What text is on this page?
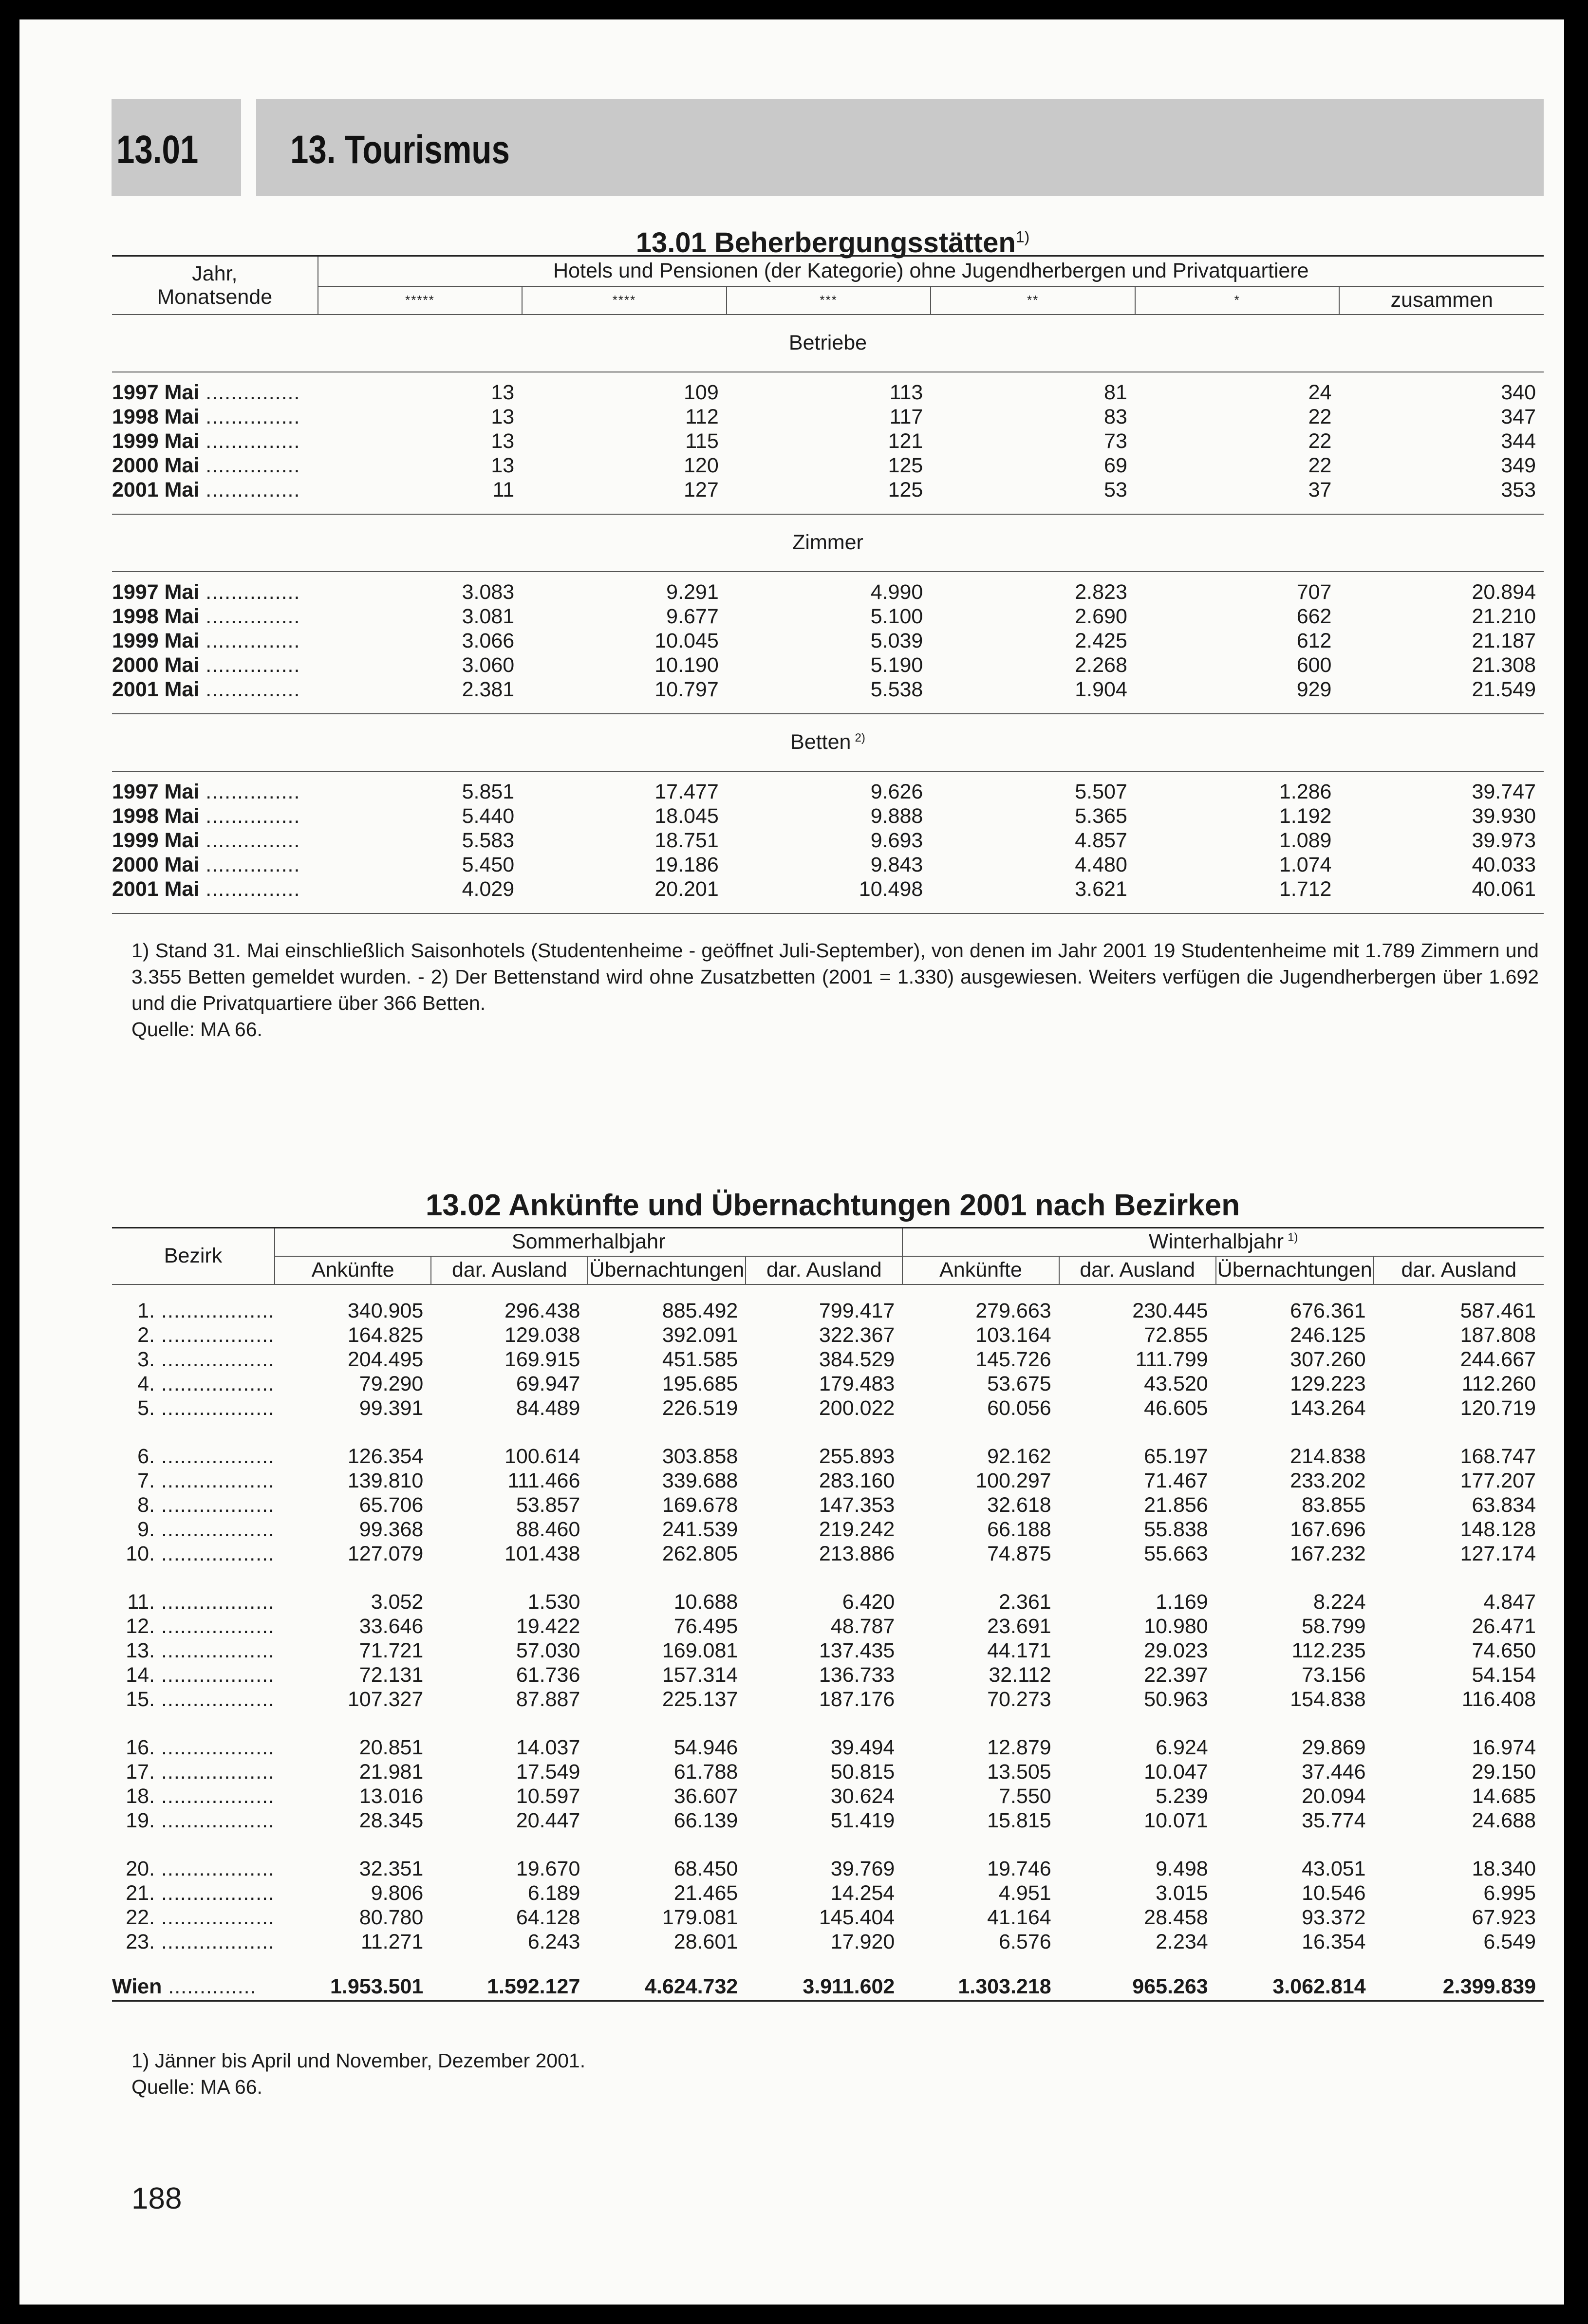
13.01 13. Tourismus
13.01 Beherbergungsstätten$^{1)}$
Jahr,
Monatsende	Hotels und Pensionen (der Kategorie) ohne Jugendherbergen und Privatquartiere					
	*****	****	***	**	*	zusammen
Betriebe						

1997 Mai ...............	13	109	113	81	24	340
1998 Mai ...............	13	112	117	83	22	347
1999 Mai ...............	13	115	121	73	22	344
2000 Mai ...............	13	120	125	69	22	349
2001 Mai ...............	11	127	125	53	37	353

Zimmer						

1997 Mai ...............	3.083	9.291	4.990	2.823	707	20.894
1998 Mai ...............	3.081	9.677	5.100	2.690	662	21.210
1999 Mai ...............	3.066	10.045	5.039	2.425	612	21.187
2000 Mai ...............	3.060	10.190	5.190	2.268	600	21.308
2001 Mai ...............	2.381	10.797	5.538	1.904	929	21.549

Betten $^{2)}$

1997 Mai ...............	5.851	17.477	9.626	5.507	1.286	39.747
1998 Mai ...............	5.440	18.045	9.888	5.365	1.192	39.930
1999 Mai ...............	5.583	18.751	9.693	4.857	1.089	39.973
2000 Mai ...............	5.450	19.186	9.843	4.480	1.074	40.033
2001 Mai ...............	4.029	20.201	10.498	3.621	1.712	40.061

1) Stand 31. Mai einschließlich Saisonhotels (Studentenheime - geöffnet Juli-September), von denen im Jahr 2001 19 Studentenheime mit 1.789 Zimmern und 3.355 Betten gemeldet wurden. - 2) Der Bettenstand wird ohne Zusatzbetten (2001 = 1.330) ausgewiesen. Weiters verfügen die Jugendherbergen über 1.692 und die Privatquartiere über 366 Betten.
Quelle: MA 66.
13.02 Ankünfte und Übernachtungen 2001 nach Bezirken
Bezirk	Sommerhalbjahr				Winterhalbjahr $^{1)}$
	Ankünfte	dar. Ausland	Übernachtungen	dar. Ausland	Ankünfte	dar. Ausland	Übernachtungen	dar. Ausland

1. ..................	340.905	296.438	885.492	799.417	279.663	230.445	676.361	587.461
2. ..................	164.825	129.038	392.091	322.367	103.164	72.855	246.125	187.808
3. ..................	204.495	169.915	451.585	384.529	145.726	111.799	307.260	244.667
4. ..................	79.290	69.947	195.685	179.483	53.675	43.520	129.223	112.260
5. ..................	99.391	84.489	226.519	200.022	60.056	46.605	143.264	120.719

6. ..................	126.354	100.614	303.858	255.893	92.162	65.197	214.838	168.747
7. ..................	139.810	111.466	339.688	283.160	100.297	71.467	233.202	177.207
8. ..................	65.706	53.857	169.678	147.353	32.618	21.856	83.855	63.834
9. ..................	99.368	88.460	241.539	219.242	66.188	55.838	167.696	148.128
10. ..................	127.079	101.438	262.805	213.886	74.875	55.663	167.232	127.174

11. ..................	3.052	1.530	10.688	6.420	2.361	1.169	8.224	4.847
12. ..................	33.646	19.422	76.495	48.787	23.691	10.980	58.799	26.471
13. ..................	71.721	57.030	169.081	137.435	44.171	29.023	112.235	74.650
14. ..................	72.131	61.736	157.314	136.733	32.112	22.397	73.156	54.154
15. ..................	107.327	87.887	225.137	187.176	70.273	50.963	154.838	116.408

16. ..................	20.851	14.037	54.946	39.494	12.879	6.924	29.869	16.974
17. ..................	21.981	17.549	61.788	50.815	13.505	10.047	37.446	29.150
18. ..................	13.016	10.597	36.607	30.624	7.550	5.239	20.094	14.685
19. ..................	28.345	20.447	66.139	51.419	15.815	10.071	35.774	24.688

20. ..................	32.351	19.670	68.450	39.769	19.746	9.498	43.051	18.340
21. ..................	9.806	6.189	21.465	14.254	4.951	3.015	10.546	6.995
22. ..................	80.780	64.128	179.081	145.404	41.164	28.458	93.372	67.923
23. ..................	11.271	6.243	28.601	17.920	6.576	2.234	16.354	6.549

Wien ..............	1.953.501	1.592.127	4.624.732	3.911.602	1.303.218	965.263	3.062.814	2.399.839
1) Jänner bis April und November, Dezember 2001.
Quelle: MA 66.
188
